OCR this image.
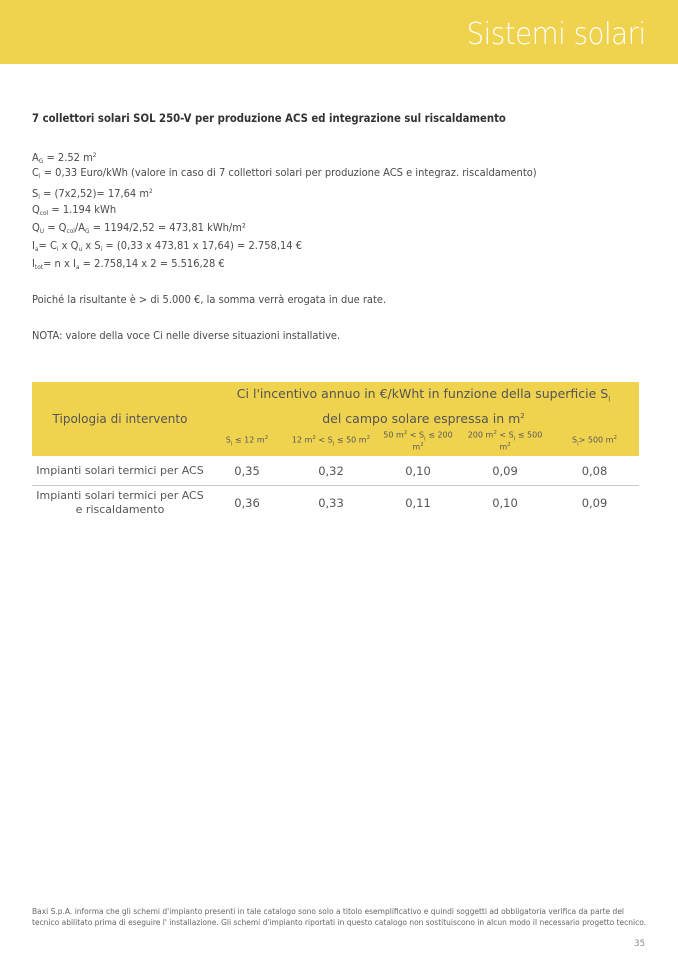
Sistemi solari
7 collettori solari SOL 250-V per produzione ACS ed integrazione sul riscaldamento
$A_G = 2.52$ $m^2$
$C_i = 0,33$ Euro/kWh (valore in caso di 7 collettori solari per produzione ACS e integraz. riscaldamento)
$S_l = (7x2,52)= 17,64$ $m^2$
$Q_{col} = 1.194$ kWh
$Q_U = Q_{col}/A_G = 1194/2,52 = 473,81$ kWh/m²
$I_a= C_i$ x $Q_u$ x $S_i = (0,33$ x 473,81 x 17,64) = 2.758,14 €
$I_{tot}= n$ x $I_a = 2.758,14$ x 2 = 5.516,28 €
Poiché la risultante è > di 5.000 €, la somma verrà erogata in due rate.
NOTA: valore della voce Ci nelle diverse situazioni installative.
Tipologia di intervento	Ci l'incentivo annuo in €/kWht in funzione della superficie $S_l$
del campo solare espressa in $m^2$
	$S_l \le 12$ $m^2$	12 $m^2 < S_l \le 50$ $m^2$	50 $m^2 < S_l \le 200$ $m^2$	200 $m^2 < S_l \le 500$ $m^2$	$S_l> 500$ $m^2$
Impianti solari termici per ACS	0,35	0,32	0,10	0,09	0,08
Impianti solari termici per ACS e riscaldamento	0,36	0,33	0,11	0,10	0,09
Baxi S.p.A. informa che gli schemi d'impianto presenti in tale catalogo sono solo a titolo esemplificativo e quindi soggetti ad obbligatoria verifica da parte del tecnico abilitato prima di eseguire l' installazione. Gli schemi d'impianto riportati in questo catalogo non sostituiscono in alcun modo il necessario progetto tecnico.
35
